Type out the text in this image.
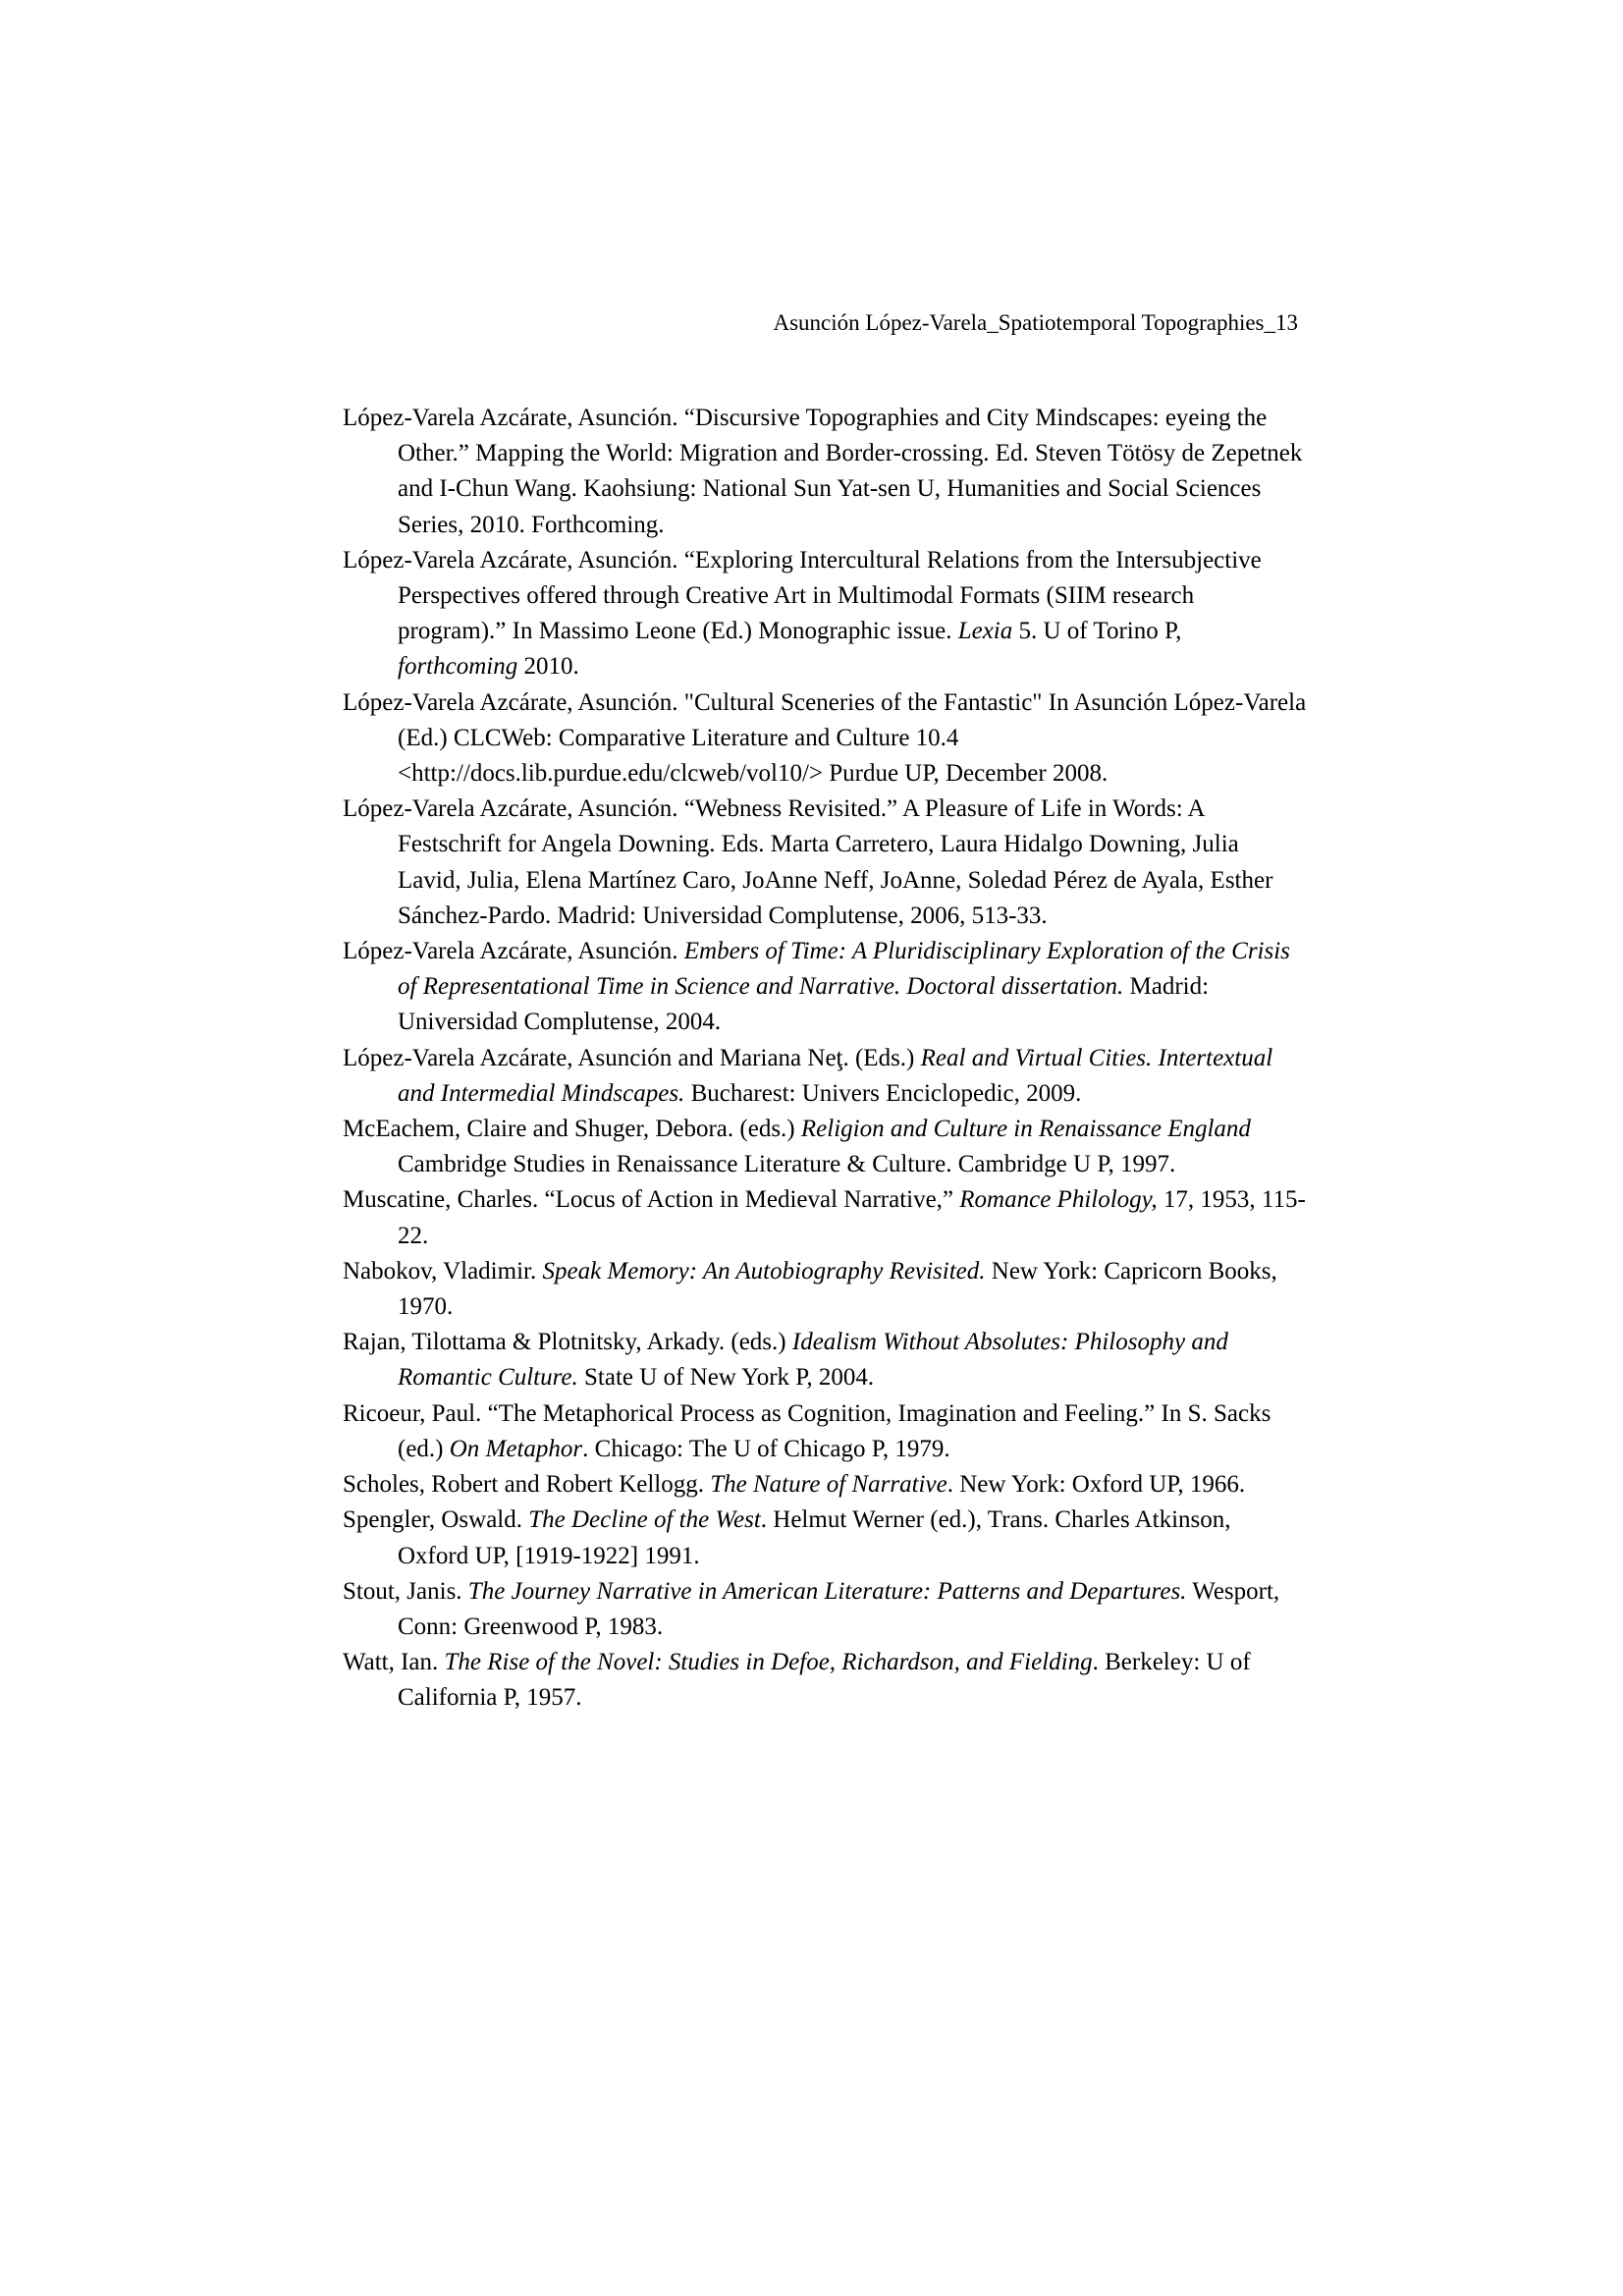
Asunción López-Varela_Spatiotemporal Topographies_13
López-Varela Azcárate, Asunción. “Discursive Topographies and City Mindscapes: eyeing the Other.” Mapping the World: Migration and Border-crossing. Ed. Steven Tötösy de Zepetnek and I-Chun Wang. Kaohsiung: National Sun Yat-sen U, Humanities and Social Sciences Series, 2010. Forthcoming.
López-Varela Azcárate, Asunción. “Exploring Intercultural Relations from the Intersubjective Perspectives offered through Creative Art in Multimodal Formats (SIIM research program).” In Massimo Leone (Ed.) Monographic issue. Lexia 5. U of Torino P, forthcoming 2010.
López-Varela Azcárate, Asunción. "Cultural Sceneries of the Fantastic" In Asunción López-Varela (Ed.) CLCWeb: Comparative Literature and Culture 10.4 <http://docs.lib.purdue.edu/clcweb/vol10/> Purdue UP, December 2008.
López-Varela Azcárate, Asunción. “Webness Revisited.” A Pleasure of Life in Words: A Festschrift for Angela Downing. Eds. Marta Carretero, Laura Hidalgo Downing, Julia Lavid, Julia, Elena Martínez Caro, JoAnne Neff, JoAnne, Soledad Pérez de Ayala, Esther Sánchez-Pardo. Madrid: Universidad Complutense, 2006, 513-33.
López-Varela Azcárate, Asunción. Embers of Time: A Pluridisciplinary Exploration of the Crisis of Representational Time in Science and Narrative. Doctoral dissertation. Madrid: Universidad Complutense, 2004.
López-Varela Azcárate, Asunción and Mariana Neţ. (Eds.) Real and Virtual Cities. Intertextual and Intermedial Mindscapes. Bucharest: Univers Enciclopedic, 2009.
McEachem, Claire and Shuger, Debora. (eds.) Religion and Culture in Renaissance England Cambridge Studies in Renaissance Literature & Culture. Cambridge U P, 1997.
Muscatine, Charles. “Locus of Action in Medieval Narrative,” Romance Philology, 17, 1953, 115-22.
Nabokov, Vladimir. Speak Memory: An Autobiography Revisited. New York: Capricorn Books, 1970.
Rajan, Tilottama & Plotnitsky, Arkady. (eds.) Idealism Without Absolutes: Philosophy and Romantic Culture. State U of New York P, 2004.
Ricoeur, Paul. “The Metaphorical Process as Cognition, Imagination and Feeling.” In S. Sacks (ed.) On Metaphor. Chicago: The U of Chicago P, 1979.
Scholes, Robert and Robert Kellogg. The Nature of Narrative. New York: Oxford UP, 1966.
Spengler, Oswald. The Decline of the West. Helmut Werner (ed.), Trans. Charles Atkinson, Oxford UP, [1919-1922] 1991.
Stout, Janis. The Journey Narrative in American Literature: Patterns and Departures. Wesport, Conn: Greenwood P, 1983.
Watt, Ian. The Rise of the Novel: Studies in Defoe, Richardson, and Fielding. Berkeley: U of California P, 1957.
